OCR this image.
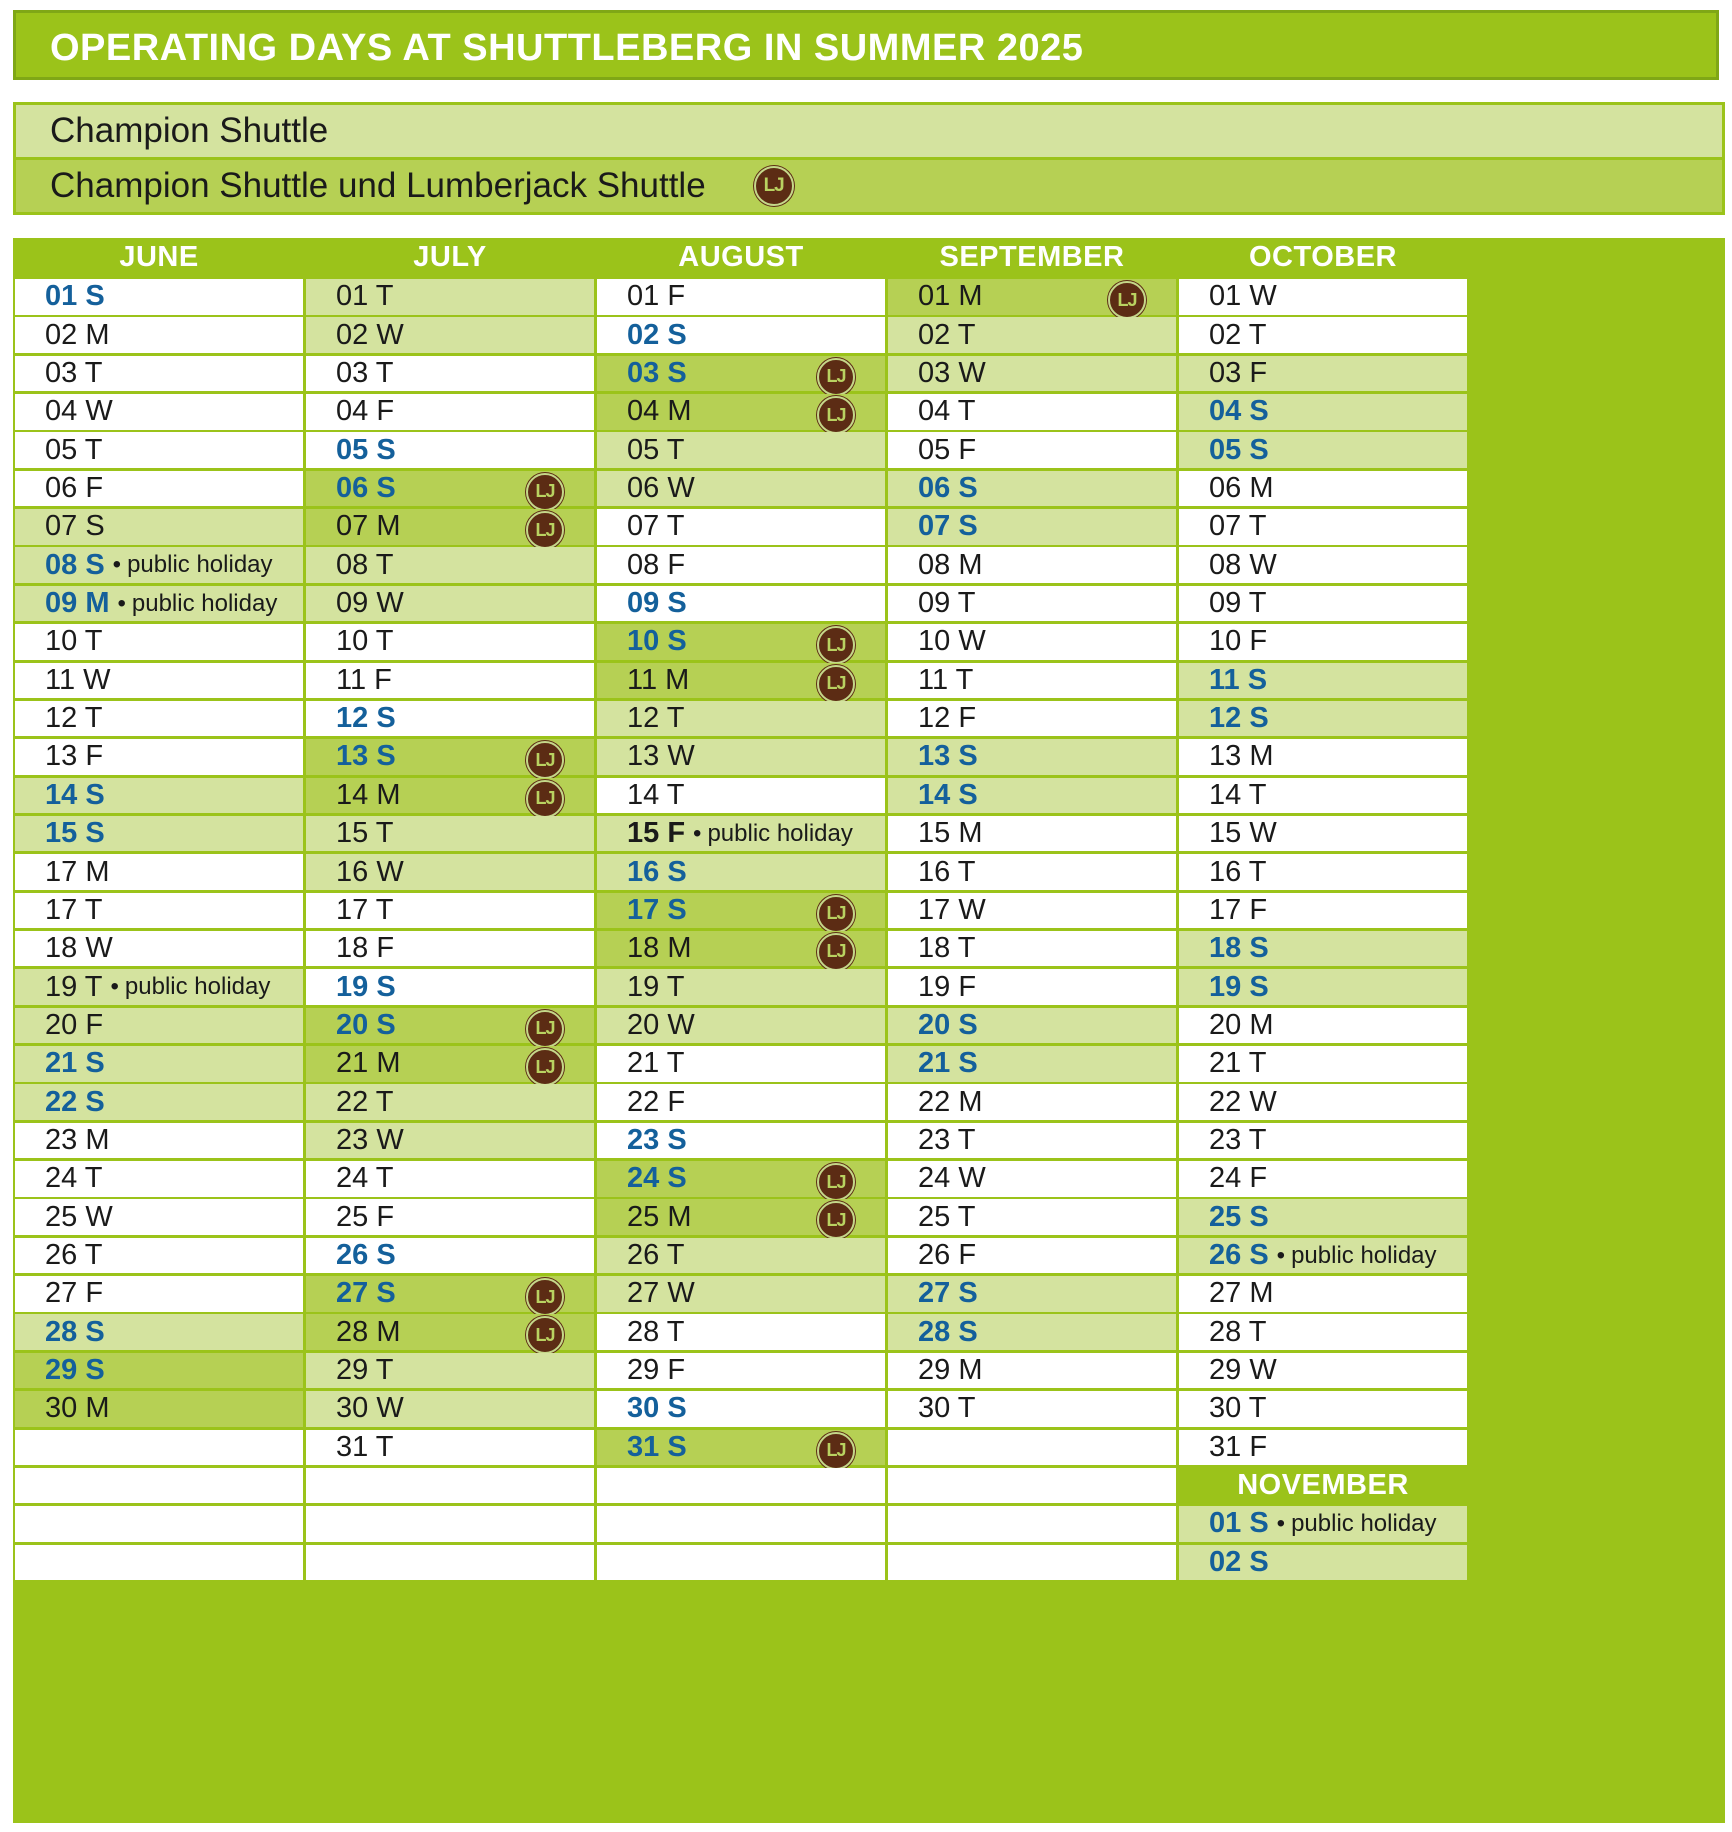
OPERATING DAYS AT SHUTTLEBERG IN SUMMER 2025
Champion Shuttle
Champion Shuttle und Lumberjack Shuttle	LJ
JUNE
01 S
02 M
03 T
04 W
05 T
06 F
07 S
08 S • public holiday
09 M • public holiday
10 T
11 W
12 T
13 F
14 S
15 S
17 M
17 T
18 W
19 T • public holiday
20 F
21 S
22 S
23 M
24 T
25 W
26 T
27 F
28 S
29 S
30 M
JULY
01 T
02 W
03 T
04 F
05 S
06 S	LJ
07 M	LJ
08 T
09 W
10 T
11 F
12 S
13 S	LJ
14 M	LJ
15 T
16 W
17 T
18 F
19 S
20 S	LJ
21 M	LJ
22 T
23 W
24 T
25 F
26 S
27 S	LJ
28 M	LJ
29 T
30 W
31 T
AUGUST
01 F
02 S
03 S	LJ
04 M	LJ
05 T
06 W
07 T
08 F
09 S
10 S	LJ
11 M	LJ
12 T
13 W
14 T
15 F • public holiday
16 S
17 S	LJ
18 M	LJ
19 T
20 W
21 T
22 F
23 S
24 S	LJ
25 M	LJ
26 T
27 W
28 T
29 F
30 S
31 S	LJ
SEPTEMBER
01 M	LJ
02 T
03 W
04 T
05 F
06 S
07 S
08 M
09 T
10 W
11 T
12 F
13 S
14 S
15 M
16 T
17 W
18 T
19 F
20 S
21 S
22 M
23 T
24 W
25 T
26 F
27 S
28 S
29 M
30 T
OCTOBER
01 W
02 T
03 F
04 S
05 S
06 M
07 T
08 W
09 T
10 F
11 S
12 S
13 M
14 T
15 W
16 T
17 F
18 S
19 S
20 M
21 T
22 W
23 T
24 F
25 S
26 S • public holiday
27 M
28 T
29 W
30 T
31 F
NOVEMBER
01 S • public holiday
02 S
